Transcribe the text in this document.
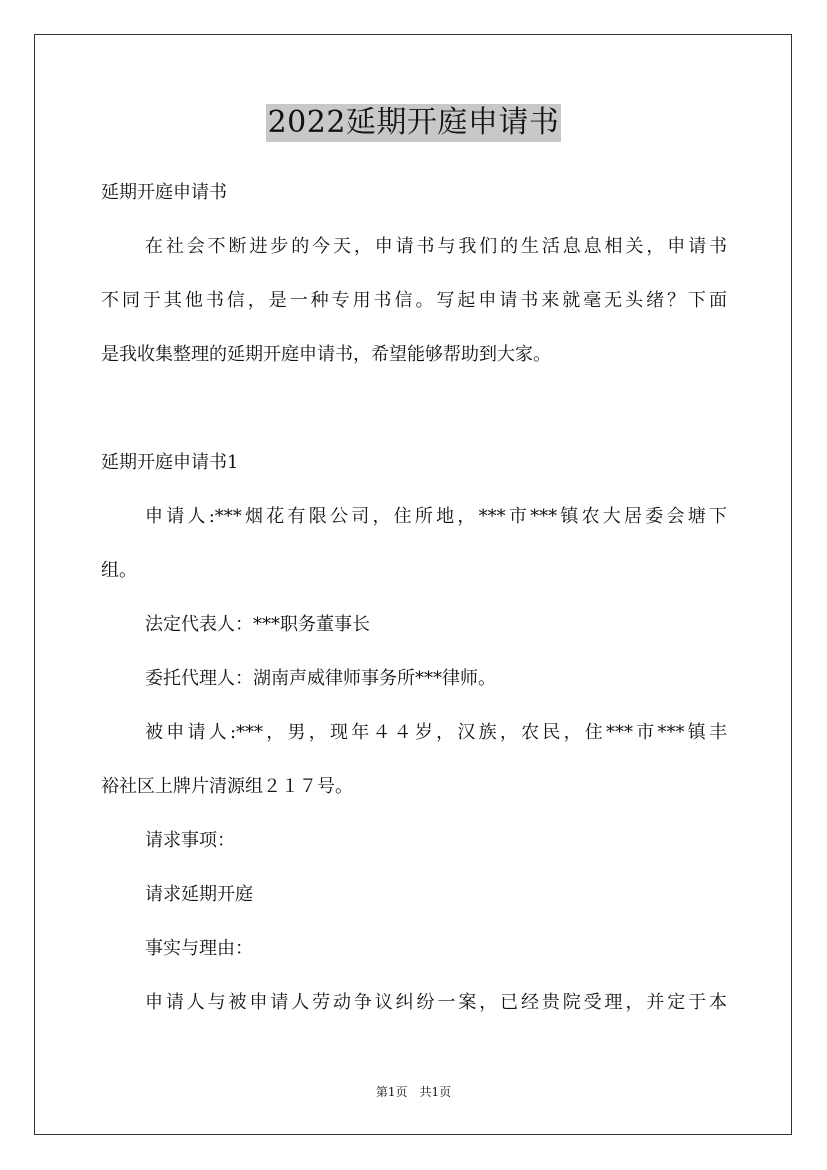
2022延期开庭申请书
延期开庭申请书
在社会不断进步的今天，申请书与我们的生活息息相关，申请书
不同于其他书信，是一种专用书信。写起申请书来就毫无头绪？下面
是我收集整理的延期开庭申请书，希望能够帮助到大家。
延期开庭申请书1
申请人:***烟花有限公司，住所地，***市***镇农大居委会塘下
组。
法定代表人：***职务董事长
委托代理人：湖南声威律师事务所***律师。
被申请人:***，男，现年４４岁，汉族，农民，住***市***镇丰
裕社区上牌片清源组２１７号。
请求事项：
请求延期开庭
事实与理由：
申请人与被申请人劳动争议纠纷一案，已经贵院受理，并定于本
第1页　共1页
